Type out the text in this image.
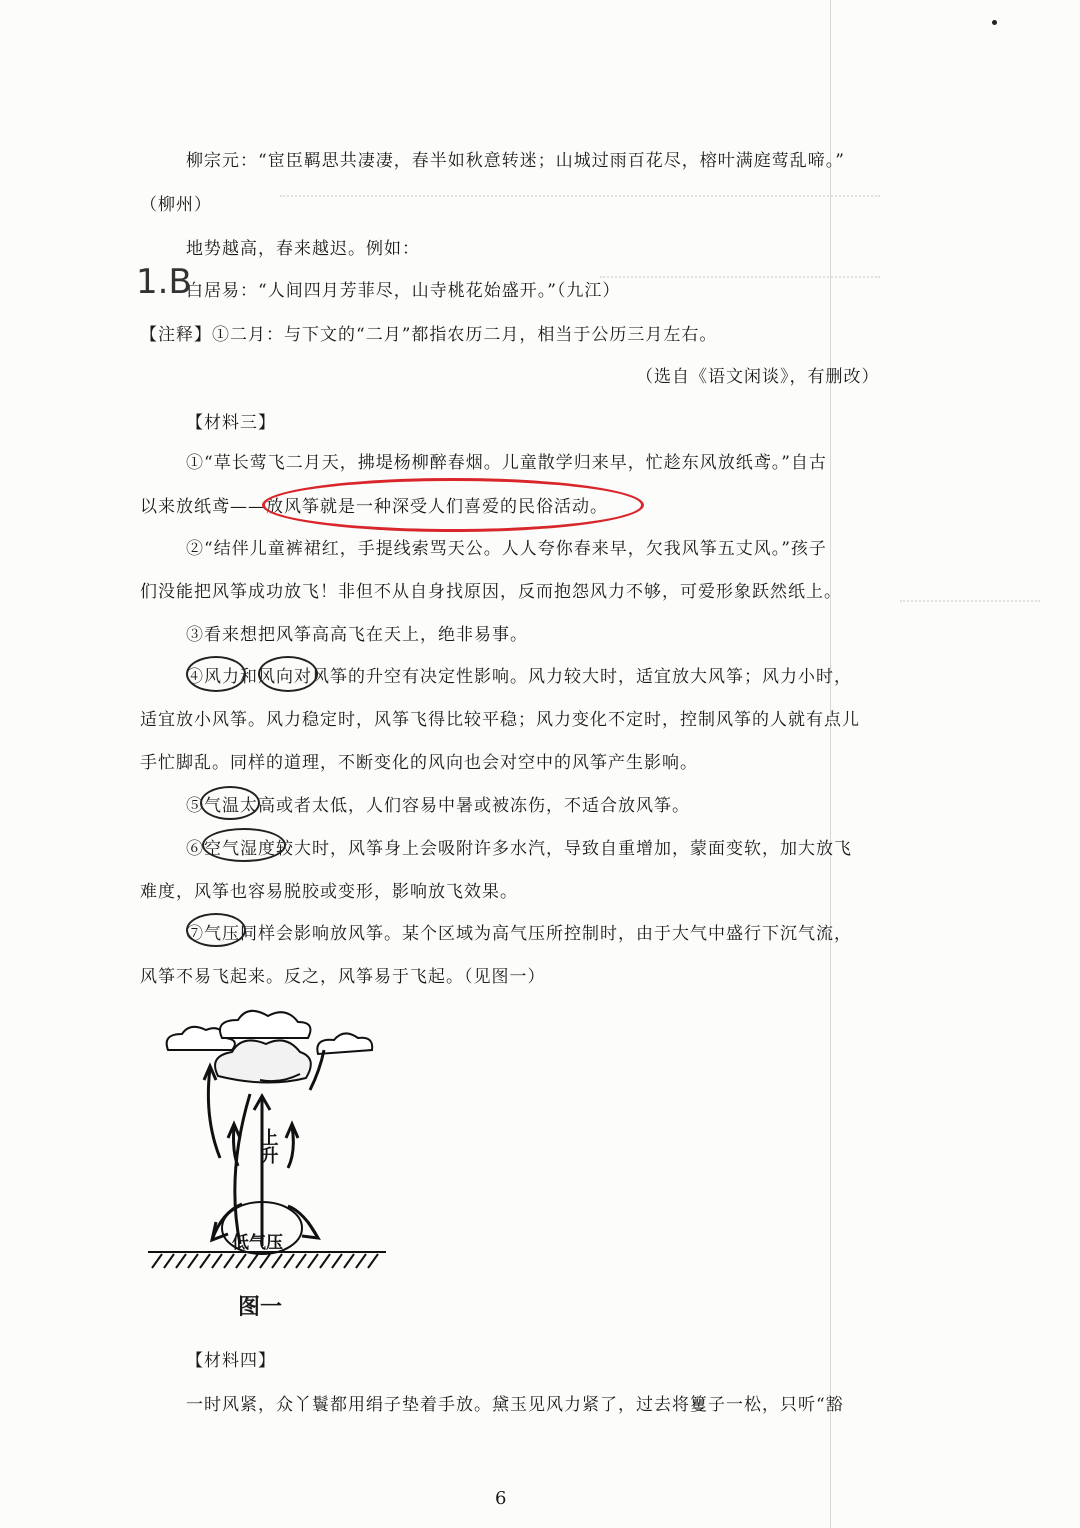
柳宗元：“宦臣羁思共凄凄，春半如秋意转迷；山城过雨百花尽，榕叶满庭莺乱啼。”
（柳州）
地势越高，春来越迟。例如：
白居易：“人间四月芳菲尽，山寺桃花始盛开。”（九江）
1.B
【注释】①二月：与下文的“二月”都指农历二月，相当于公历三月左右。
（选自《语文闲谈》，有删改）
【材料三】
①“草长莺飞二月天，拂堤杨柳醉春烟。儿童散学归来早，忙趁东风放纸鸢。”自古
以来放纸鸢——放风筝就是一种深受人们喜爱的民俗活动。
②“结伴儿童裤裙红，手提线索骂天公。人人夸你春来早，欠我风筝五丈风。”孩子
们没能把风筝成功放飞！非但不从自身找原因，反而抱怨风力不够，可爱形象跃然纸上。
③看来想把风筝高高飞在天上，绝非易事。
④风力和风向对风筝的升空有决定性影响。风力较大时，适宜放大风筝；风力小时，
适宜放小风筝。风力稳定时，风筝飞得比较平稳；风力变化不定时，控制风筝的人就有点儿
手忙脚乱。同样的道理，不断变化的风向也会对空中的风筝产生影响。
⑤气温太高或者太低，人们容易中暑或被冻伤，不适合放风筝。
⑥空气湿度较大时，风筝身上会吸附许多水汽，导致自重增加，蒙面变软，加大放飞
难度，风筝也容易脱胶或变形，影响放飞效果。
⑦气压同样会影响放风筝。某个区域为高气压所控制时，由于大气中盛行下沉气流，
风筝不易飞起来。反之，风筝易于飞起。（见图一）
上升
低气压
图一
【材料四】
一时风紧，众丫鬟都用绢子垫着手放。黛玉见风力紧了，过去将籰子一松，只听“豁
6
